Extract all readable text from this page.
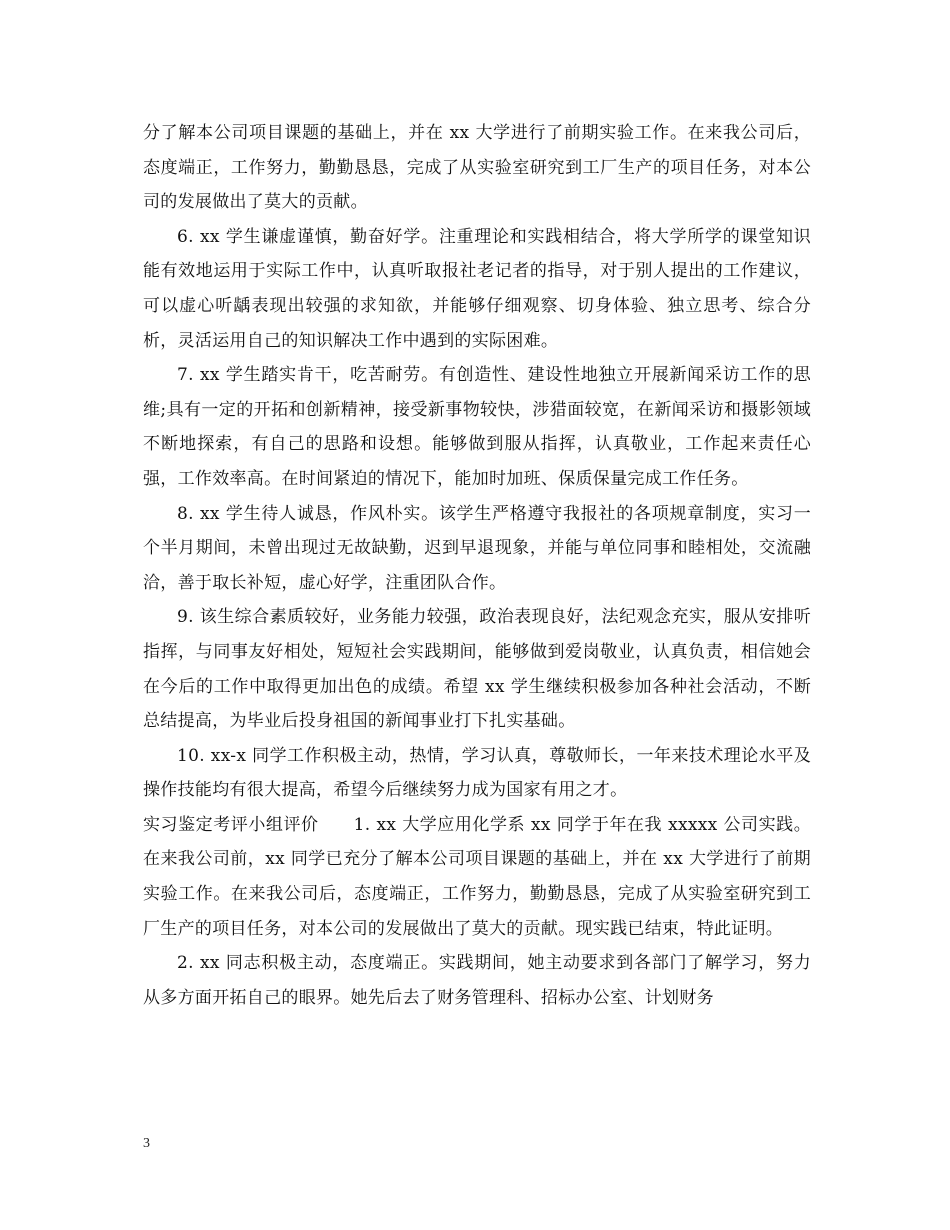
分了解本公司项目课题的基础上，并在 xx 大学进行了前期实验工作。在来我公司后，态度端正，工作努力，勤勤恳恳，完成了从实验室研究到工厂生产的项目任务，对本公司的发展做出了莫大的贡献。

6. xx 学生谦虚谨慎，勤奋好学。注重理论和实践相结合，将大学所学的课堂知识能有效地运用于实际工作中，认真听取报社老记者的指导，对于别人提出的工作建议，可以虚心听龋表现出较强的求知欲，并能够仔细观察、切身体验、独立思考、综合分析，灵活运用自己的知识解决工作中遇到的实际困难。

7. xx 学生踏实肯干，吃苦耐劳。有创造性、建设性地独立开展新闻采访工作的思维;具有一定的开拓和创新精神，接受新事物较快，涉猎面较宽，在新闻采访和摄影领域不断地探索，有自己的思路和设想。能够做到服从指挥，认真敬业，工作起来责任心强，工作效率高。在时间紧迫的情况下，能加时加班、保质保量完成工作任务。

8. xx 学生待人诚恳，作风朴实。该学生严格遵守我报社的各项规章制度，实习一个半月期间，未曾出现过无故缺勤，迟到早退现象，并能与单位同事和睦相处，交流融洽，善于取长补短，虚心好学，注重团队合作。

9. 该生综合素质较好，业务能力较强，政治表现良好，法纪观念充实，服从安排听指挥，与同事友好相处，短短社会实践期间，能够做到爱岗敬业，认真负责，相信她会在今后的工作中取得更加出色的成绩。希望 xx 学生继续积极参加各种社会活动，不断总结提高，为毕业后投身祖国的新闻事业打下扎实基础。

10. xx-x 同学工作积极主动，热情，学习认真，尊敬师长，一年来技术理论水平及操作技能均有很大提高，希望今后继续努力成为国家有用之才。

实习鉴定考评小组评价　　1. xx 大学应用化学系 xx 同学于年在我 xxxxx 公司实践。在来我公司前，xx 同学已充分了解本公司项目课题的基础上，并在 xx 大学进行了前期实验工作。在来我公司后，态度端正，工作努力，勤勤恳恳，完成了从实验室研究到工厂生产的项目任务，对本公司的发展做出了莫大的贡献。现实践已结束，特此证明。

2. xx 同志积极主动，态度端正。实践期间，她主动要求到各部门了解学习，努力从多方面开拓自己的眼界。她先后去了财务管理科、招标办公室、计划财务

3
